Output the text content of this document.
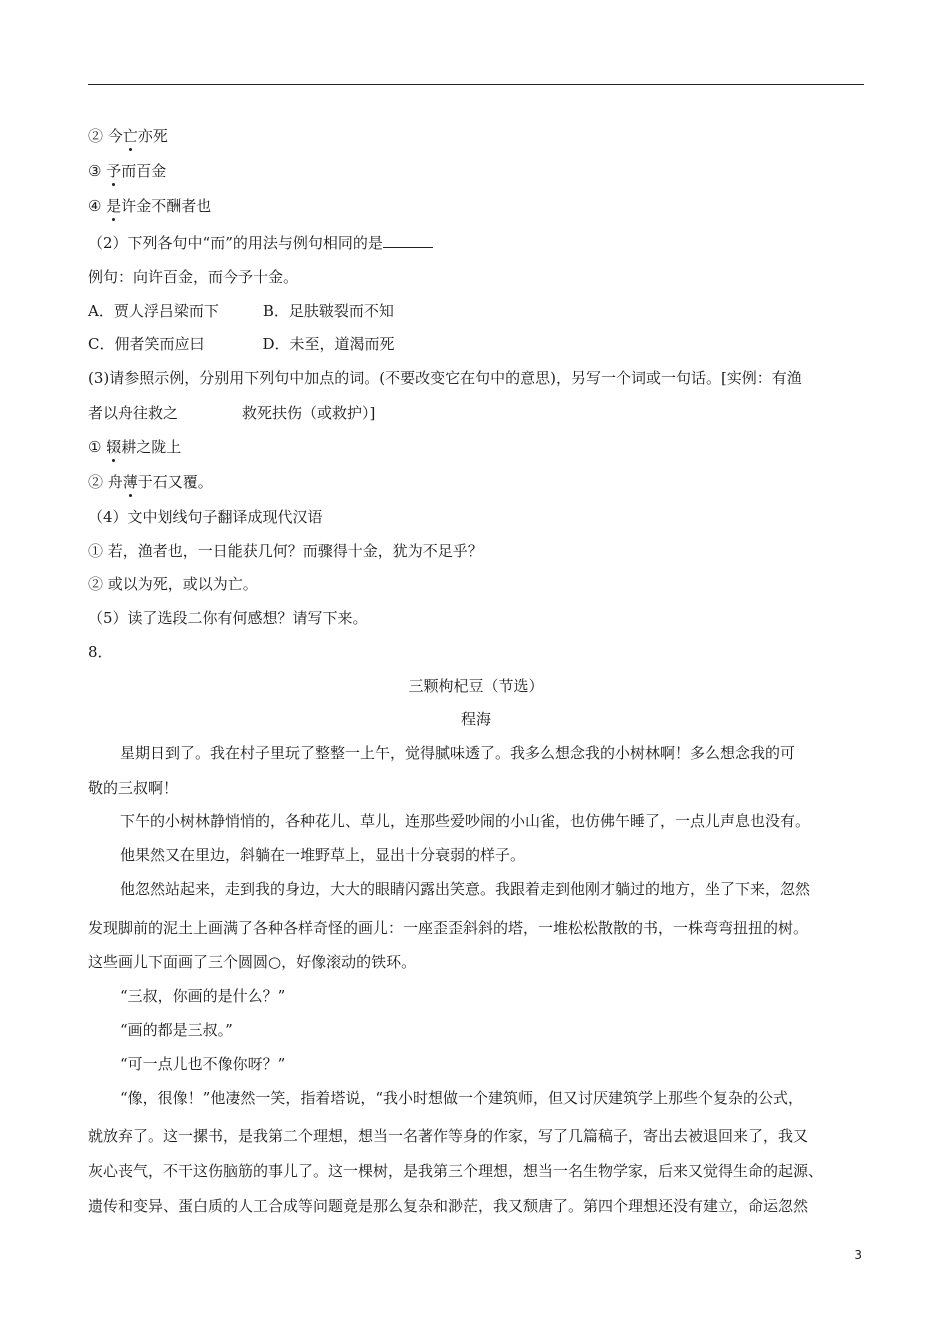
② 今亡亦死
③ 予而百金
④ 是许金不酬者也
（2）下列各句中“而”的用法与例句相同的是
例句：向许百金，而今予十金。
A．贾人浮吕梁而下	B．足肤皲裂而不知
C．佣者笑而应曰	D．未至，道渴而死
(3)请参照示例，分别用下列句中加点的词。(不要改变它在句中的意思)，另写一个词或一句话。[实例：有渔
者以舟往救之	救死扶伤（或救护）]
① 辍耕之陇上
② 舟薄于石又覆。
（4）文中划线句子翻译成现代汉语
① 若，渔者也，一日能获几何？而骤得十金，犹为不足乎？
② 或以为死，或以为亡。
（5）读了选段二你有何感想？请写下来。
8．
三颗枸杞豆（节选）
程海
星期日到了。我在村子里玩了整整一上午，觉得腻味透了。我多么想念我的小树林啊！多么想念我的可
敬的三叔啊！
下午的小树林静悄悄的，各种花儿、草儿，连那些爱吵闹的小山雀，也仿佛午睡了，一点儿声息也没有。
他果然又在里边，斜躺在一堆野草上，显出十分衰弱的样子。
他忽然站起来，走到我的身边，大大的眼睛闪露出笑意。我跟着走到他刚才躺过的地方，坐了下来，忽然
发现脚前的泥土上画满了各种各样奇怪的画儿：一座歪歪斜斜的塔，一堆松松散散的书，一株弯弯扭扭的树。
这些画儿下面画了三个圆圆○，好像滚动的铁环。
“三叔，你画的是什么？”
“画的都是三叔。”
“可一点儿也不像你呀？”
“像，很像！”他凄然一笑，指着塔说，“我小时想做一个建筑师，但又讨厌建筑学上那些个复杂的公式，
就放弃了。这一摞书，是我第二个理想，想当一名著作等身的作家，写了几篇稿子，寄出去被退回来了，我又
灰心丧气，不干这伤脑筋的事儿了。这一棵树，是我第三个理想，想当一名生物学家，后来又觉得生命的起源、
遗传和变异、蛋白质的人工合成等问题竟是那么复杂和渺茫，我又颓唐了。第四个理想还没有建立，命运忽然
3
